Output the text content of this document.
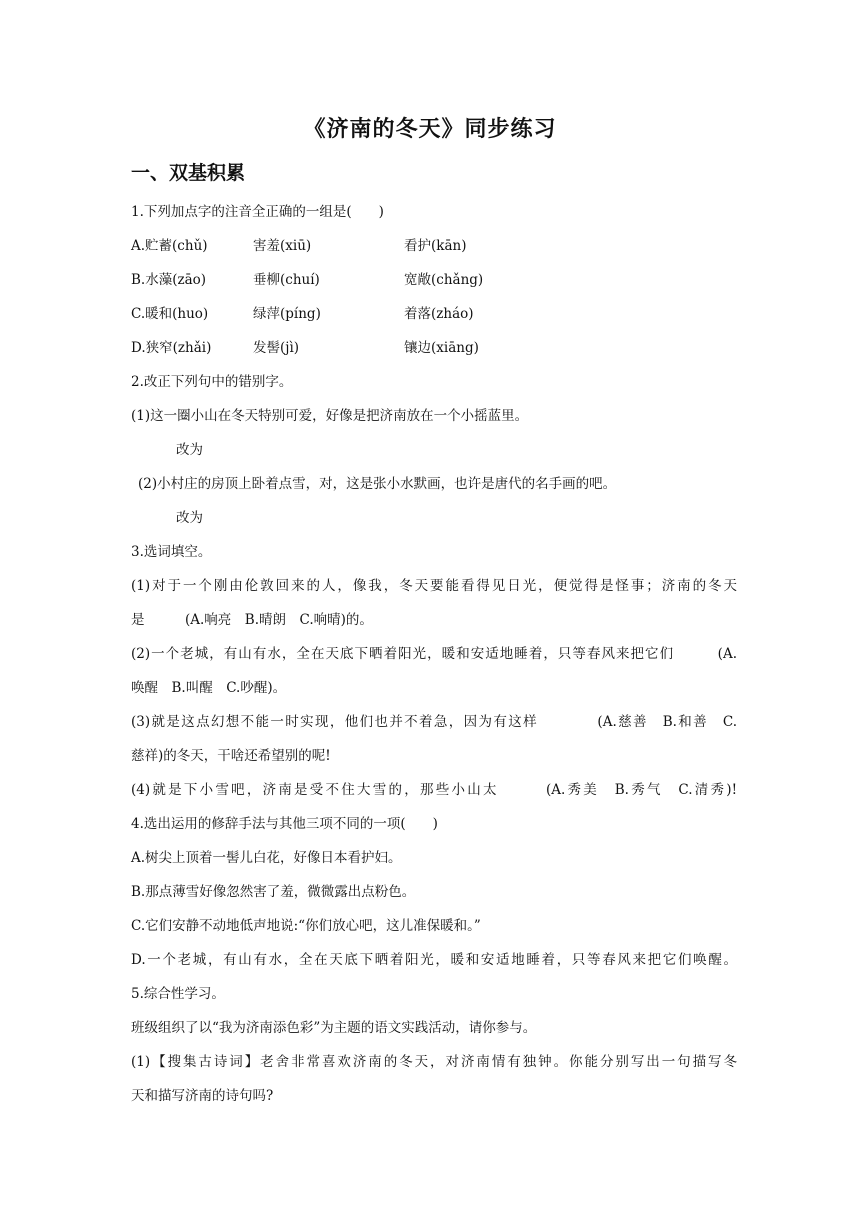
《济南的冬天》同步练习
一、双基积累
1.下列加点字的注音全正确的一组是(　　)
A.贮蓄(chǔ)	害羞(xiū)	看护(kān)
B.水藻(zāo)	垂柳(chuí)	宽敞(chǎng)
C.暖和(huo)	绿萍(píng)	着落(zháo)
D.狭窄(zhǎi)	发髻(jì)	镶边(xiāng)
2.改正下列句中的错别字。
(1)这一圈小山在冬天特别可爱，好像是把济南放在一个小摇蓝里。
改为
(2)小村庄的房顶上卧着点雪，对，这是张小水默画，也许是唐代的名手画的吧。
改为
3.选词填空。
(1)对于一个刚由伦敦回来的人，像我，冬天要能看得见日光，便觉得是怪事；济南的冬天
是　　　(A.响亮　B.晴朗　C.响晴)的。
(2)一个老城，有山有水，全在天底下晒着阳光，暖和安适地睡着，只等春风来把它们　　　(A.
唤醒　B.叫醒　C.吵醒)。
(3)就是这点幻想不能一时实现，他们也并不着急，因为有这样　　　　(A.慈善　B.和善　C.
慈祥)的冬天，干啥还希望别的呢!
(4)就是下小雪吧，济南是受不住大雪的，那些小山太　　　(A.秀美　B.秀气　C.清秀)!
4.选出运用的修辞手法与其他三项不同的一项(　　)
A.树尖上顶着一髻儿白花，好像日本看护妇。
B.那点薄雪好像忽然害了羞，微微露出点粉色。
C.它们安静不动地低声地说:“你们放心吧，这儿准保暖和。”
D.一个老城，有山有水，全在天底下晒着阳光，暖和安适地睡着，只等春风来把它们唤醒。
5.综合性学习。
班级组织了以“我为济南添色彩”为主题的语文实践活动，请你参与。
(1)【搜集古诗词】老舍非常喜欢济南的冬天，对济南情有独钟。你能分别写出一句描写冬
天和描写济南的诗句吗?
